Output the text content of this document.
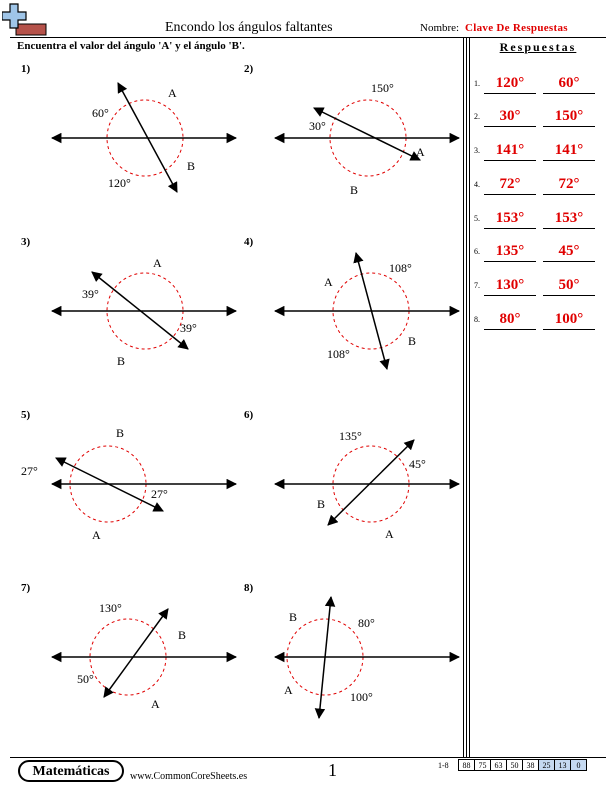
Encondo los ángulos faltantes	Nombre: Clave De Respuestas
Encuentra el valor del ángulo 'A' y el ángulo 'B'.	Respuestas
1.	120°	60°
2.	30°	150°
3.	141°	141°
4.	72°	72°
5.	153°	153°
6.	135°	45°
7.	130°	50°
8.	80°	100°
1)	2)
3)	4)
5)	6)
7)	8)
60°
A
B
120°
150°
30°
A
B
A
39°
39°
B
108°
A
B
108°
B
27°
27°
A
135°
45°
B
A
130°
B
50°
A
B	80°
A	100°
Matemáticas	www.CommonCoreSheets.es	1	1-8 88	75	63	50	38	25	13	0
